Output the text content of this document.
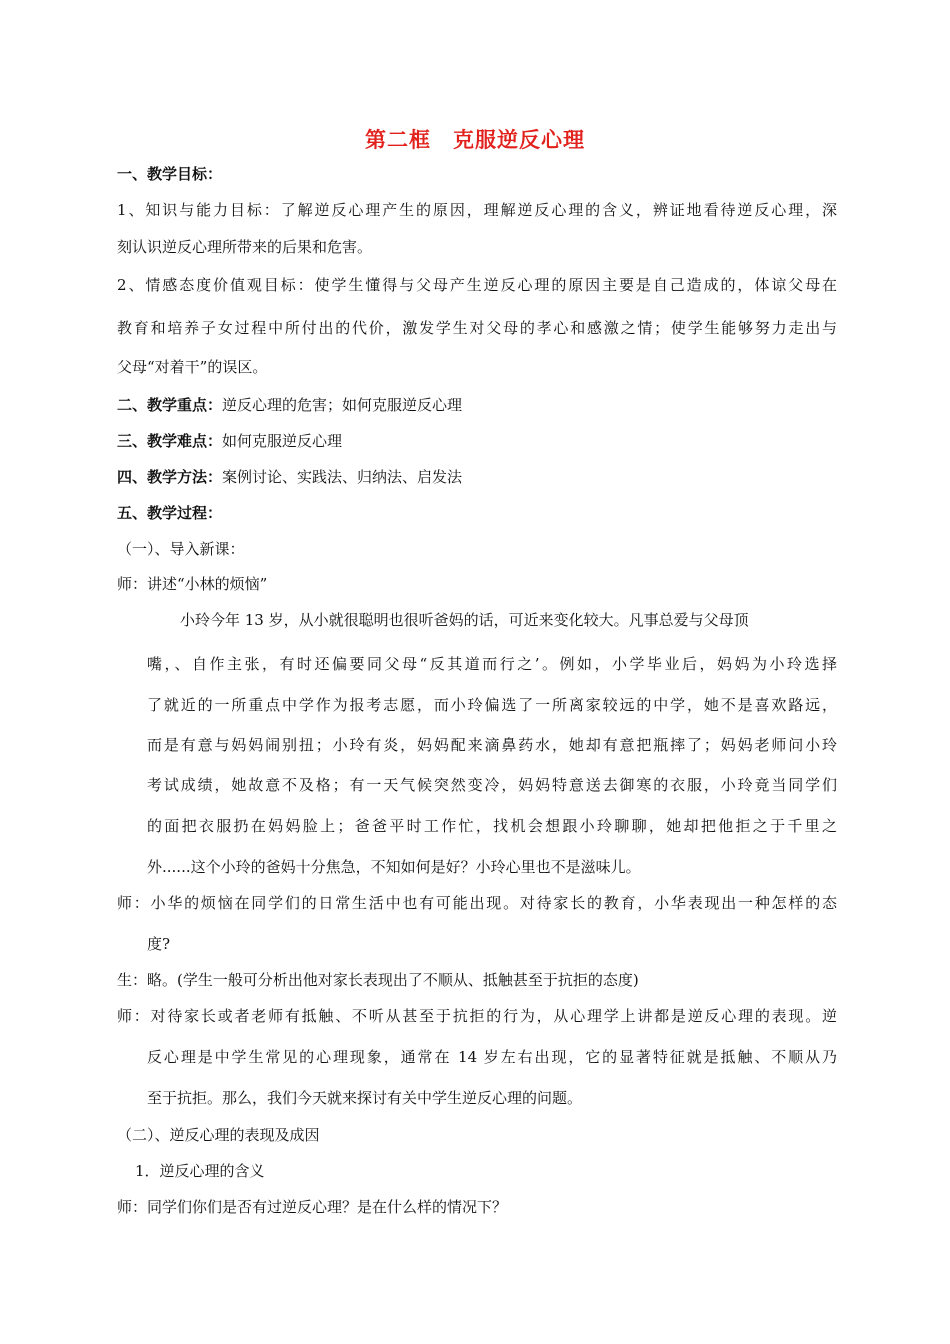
第二框 克服逆反心理
一、教学目标：
1、知识与能力目标：了解逆反心理产生的原因，理解逆反心理的含义，辨证地看待逆反心理，深
刻认识逆反心理所带来的后果和危害。
2、情感态度价值观目标：使学生懂得与父母产生逆反心理的原因主要是自己造成的，体谅父母在
教育和培养子女过程中所付出的代价，激发学生对父母的孝心和感激之情；使学生能够努力走出与
父母“对着干”的误区。
二、教学重点：逆反心理的危害；如何克服逆反心理
三、教学难点：如何克服逆反心理
四、教学方法：案例讨论、实践法、归纳法、启发法
五、教学过程：
（一）、导入新课：
师：讲述“小林的烦恼”
小玲今年 13 岁，从小就很聪明也很听爸妈的话，可近来变化较大。凡事总爱与父母顶
嘴，、自作主张，有时还偏要同父母“反其道而行之’。例如，小学毕业后，妈妈为小玲选择
了就近的一所重点中学作为报考志愿，而小玲偏选了一所离家较远的中学，她不是喜欢路远，
而是有意与妈妈闹别扭；小玲有炎，妈妈配来滴鼻药水，她却有意把瓶摔了；妈妈老师问小玲
考试成绩，她故意不及格；有一天气候突然变冷，妈妈特意送去御寒的衣服，小玲竟当同学们
的面把衣服扔在妈妈脸上；爸爸平时工作忙，找机会想跟小玲聊聊，她却把他拒之于千里之
外......这个小玲的爸妈十分焦急，不知如何是好？小玲心里也不是滋味儿。
师：小华的烦恼在同学们的日常生活中也有可能出现。对待家长的教育，小华表现出一种怎样的态
度?
生：略。(学生一般可分析出他对家长表现出了不顺从、抵触甚至于抗拒的态度)
师：对待家长或者老师有抵触、不听从甚至于抗拒的行为，从心理学上讲都是逆反心理的表现。逆
反心理是中学生常见的心理现象，通常在 14 岁左右出现，它的显著特征就是抵触、不顺从乃
至于抗拒。那么，我们今天就来探讨有关中学生逆反心理的问题。
（二）、逆反心理的表现及成因
1．逆反心理的含义
师：同学们你们是否有过逆反心理？是在什么样的情况下？
